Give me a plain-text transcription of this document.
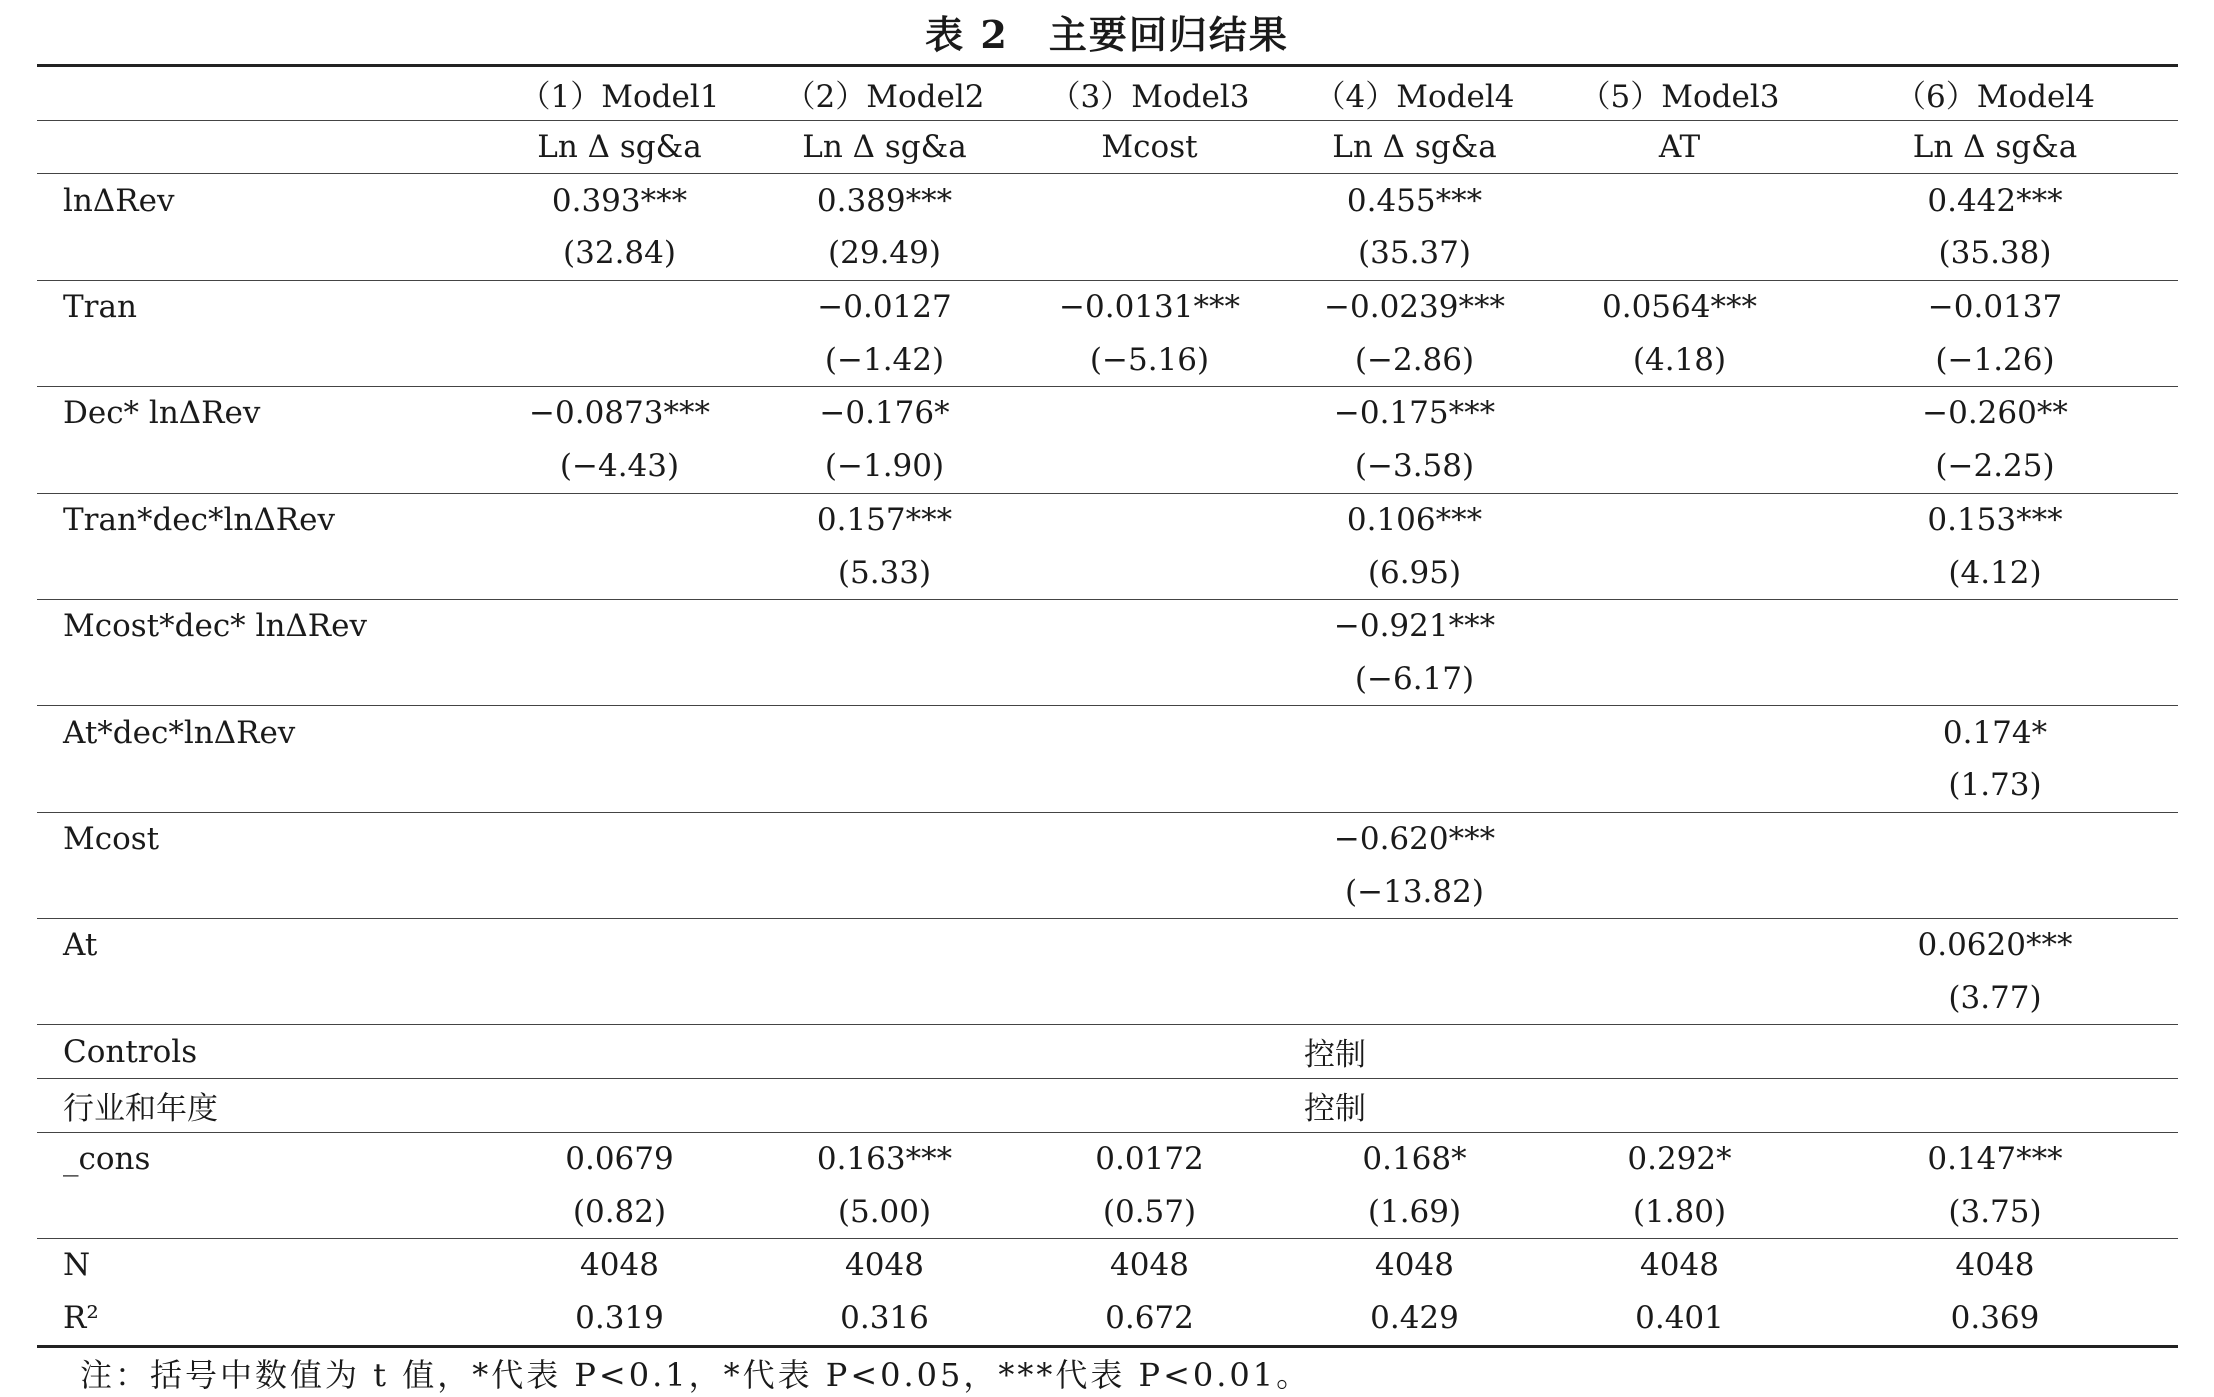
表 2　主要回归结果
	（1）Model1	（2）Model2	（3）Model3	（4）Model4	（5）Model3	（6）Model4
	Ln Δ sg&a	Ln Δ sg&a	Mcost	Ln Δ sg&a	AT	Ln Δ sg&a
lnΔRev	0.393***	0.389***		0.455***		0.442***
	(32.84)	(29.49)		(35.37)		(35.38)
Tran		−0.0127	−0.0131***	−0.0239***	0.0564***	−0.0137
		(−1.42)	(−5.16)	(−2.86)	(4.18)	(−1.26)
Dec* lnΔRev	−0.0873***	−0.176*		−0.175***		−0.260**
	(−4.43)	(−1.90)		(−3.58)		(−2.25)
Tran*dec*lnΔRev		0.157***		0.106***		0.153***
		(5.33)		(6.95)		(4.12)
Mcost*dec* lnΔRev				−0.921***		
				(−6.17)		
At*dec*lnΔRev						0.174*
						(1.73)
Mcost				−0.620***		
				(−13.82)		
At						0.0620***
						(3.77)
Controls				控制		
行业和年度				控制		
_cons	0.0679	0.163***	0.0172	0.168*	0.292*	0.147***
	(0.82)	(5.00)	(0.57)	(1.69)	(1.80)	(3.75)
N	4048	4048	4048	4048	4048	4048
R²	0.319	0.316	0.672	0.429	0.401	0.369
注：括号中数值为 t 值，*代表 P<0.1，*代表 P<0.05，***代表 P<0.01。
